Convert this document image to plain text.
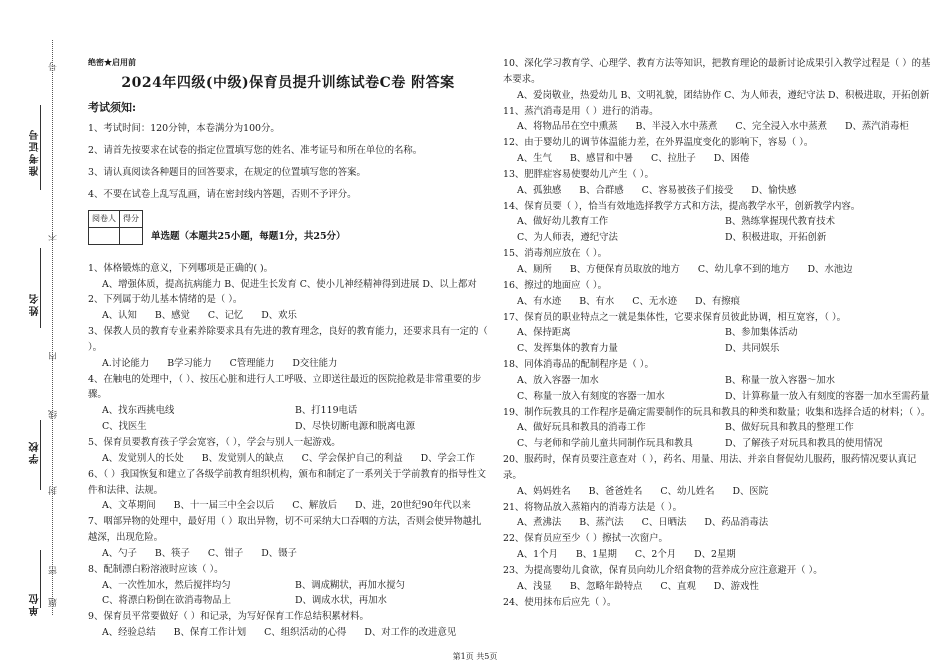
准考证号
姓名
学校
单位
号
不
内
线
封
密
题
绝密★启用前
2024年四级(中级)保育员提升训练试卷C卷 附答案
考试须知:
1、考试时间：120分钟，本卷满分为100分。
2、请首先按要求在试卷的指定位置填写您的姓名、准考证号和所在单位的名称。
3、请认真阅读各种题目的回答要求，在规定的位置填写您的答案。
4、不要在试卷上乱写乱画，请在密封线内答题，否则不予评分。
阅卷人	得分

单选题（本题共25小题，每题1分，共25分）
1、体格锻炼的意义，下列哪项是正确的( )。
A、增强体质，提高抗病能力 B、促进生长发育 C、使小儿神经精神得到进展 D、以上都对
2、下列属于幼儿基本情绪的是（ ）。
A、认知 B、感觉 C、记忆 D、欢乐
3、保教人员的教育专业素养除要求具有先进的教育理念，良好的教育能力，还要求具有一定的（ ）。
A.讨论能力 B学习能力 C管理能力 D交往能力
4、在触电的处理中，（ ）、按压心脏和进行人工呼吸、立即送往最近的医院抢救是非常重要的步骤。
A、找东西挑电线	B、打119电话
C、找医生	D、尽快切断电源和脱离电源
5、保育员要教育孩子学会宽容，（ ），学会与别人一起游戏。
A、发觉别人的长处 B、发觉别人的缺点 C、学会保护自己的利益 D、学会工作
6、（ ）我国恢复和建立了各级学前教育组织机构，颁布和制定了一系列关于学前教育的指导性文件和法律、法规。
A、文革期间 B、十一届三中全会以后 C、解放后 D、进，20世纪90年代以来
7、咽部异物的处理中，最好用（ ）取出异物，切不可采纳大口吞咽的方法，否则会使异物越扎越深，出现危险。
A、勺子 B、筷子 C、钳子 D、镊子
8、配制漂白粉溶液时应该（ ）。
A、一次性加水，然后搅拌均匀	B、调成糊状，再加水搅匀
C、将漂白粉倒在欲消毒物品上	D、调成水状，再加水
9、保育员平常要做好（ ）和记录，为写好保育工作总结积累材料。
A、经验总结 B、保育工作计划 C、组织活动的心得 D、对工作的改进意见
10、深化学习教育学、心理学、教育方法等知识，把教育理论的最新讨论成果引入教学过程是（ ）的基本要求。
A、爱岗敬业，热爱幼儿 B、文明礼貌，团结协作 C、为人师表，遵纪守法 D、积极进取，开拓创新
11、蒸汽消毒是用（ ）进行的消毒。
A、将物品吊在空中熏蒸 B、半浸入水中蒸煮 C、完全浸入水中蒸煮 D、蒸汽消毒柜
12、由于婴幼儿的调节体温能力差，在外界温度变化的影响下，容易（ ）。
A、生气 B、感冒和中暑 C、拉肚子 D、困倦
13、肥胖症容易使婴幼儿产生（ ）。
A、孤独感 B、合群感 C、容易被孩子们接受 D、愉快感
14、保育员要（ ），恰当有效地选择教学方式和方法，提高教学水平，创新教学内容。
A、做好幼儿教育工作	B、熟练掌握现代教育技术
C、为人师表，遵纪守法	D、积极进取，开拓创新
15、消毒剂应放在（ ）。
A、厕所 B、方便保育员取放的地方 C、幼儿拿不到的地方 D、水池边
16、擦过的地面应（ ）。
A、有水迹 B、有水 C、无水迹 D、有擦痕
17、保育员的职业特点之一就是集体性，它要求保育员彼此协调，相互宽容，（ ）。
A、保持距离	B、参加集体活动
C、发挥集体的教育力量	D、共同娱乐
18、同体消毒品的配制程序是（ ）。
A、放入容器一加水	B、称量一放入容器～加水
C、称量一放入有刻度的容器一加水	D、计算称量一放入有刻度的容器一加水至需药量
19、制作玩教具的工作程序是确定需要制作的玩具和教具的种类和数量；收集和选择合适的材料；（ ）。
A、做好玩具和教具的消毒工作	B、做好玩具和教具的整理工作
C、与老师和学前儿童共同制作玩具和教具	D、了解孩子对玩具和教具的使用情况
20、服药时，保育员要注意查对（ ），药名、用量、用法、并亲自督促幼儿服药，服药情况要认真记录。
A、妈妈姓名 B、爸爸姓名 C、幼儿姓名 D、医院
21、将物品放入蒸箱内的消毒方法是（ ）。
A、煮沸法 B、蒸汽法 C、日晒法 D、药品消毒法
22、保育员应至少（ ）擦拭一次窗户。
A、1个月 B、1星期 C、2个月 D、2星期
23、为提高婴幼儿食欲，保育员向幼儿介绍食物的营养成分应注意避开（ ）。
A、浅显 B、忽略年龄特点 C、直观 D、游戏性
24、使用抹布后应先（ ）。
第1页 共5页
